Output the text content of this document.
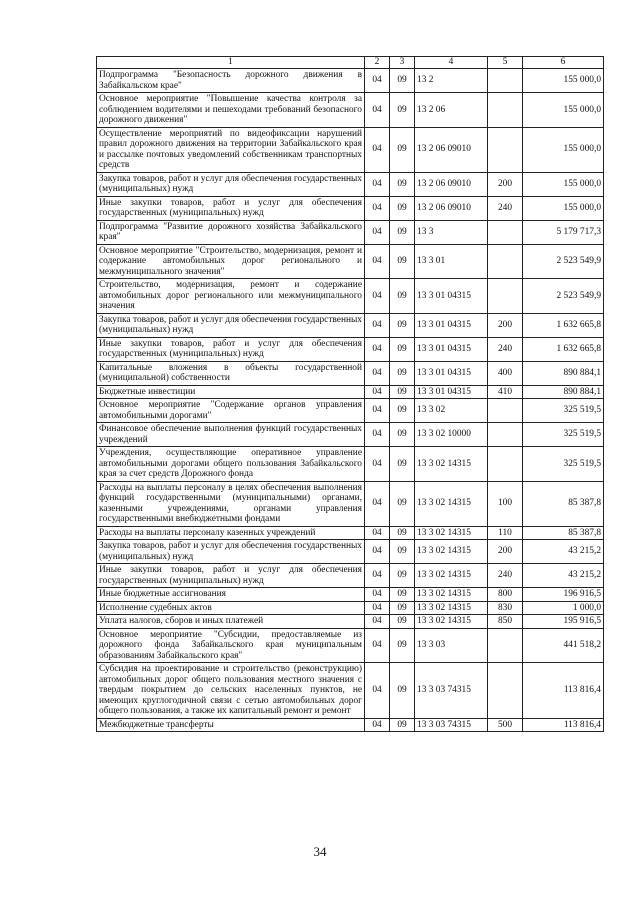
1	2	3	4	5	6
Подпрограмма "Безопасность дорожного движения в Забайкальском крае"	04	09	13 2		155 000,0
Основное мероприятие "Повышение качества контроля за соблюдением водителями и пешеходами требований безопасного дорожного движения"	04	09	13 2 06		155 000,0
Осуществление мероприятий по видеофиксации нарушений правил дорожного движения на территории Забайкальского края и рассылке почтовых уведомлений собственникам транспортных средств	04	09	13 2 06 09010		155 000,0
Закупка товаров, работ и услуг для обеспечения государственных (муниципальных) нужд	04	09	13 2 06 09010	200	155 000,0
Иные закупки товаров, работ и услуг для обеспечения государственных (муниципальных) нужд	04	09	13 2 06 09010	240	155 000,0
Подпрограмма "Развитие дорожного хозяйства Забайкальского края"	04	09	13 3		5 179 717,3
Основное мероприятие "Строительство, модернизация, ремонт и содержание автомобильных дорог регионального и межмуниципального значения"	04	09	13 3 01		2 523 549,9
Строительство, модернизация, ремонт и содержание автомобильных дорог регионального или межмуниципального значения	04	09	13 3 01 04315		2 523 549,9
Закупка товаров, работ и услуг для обеспечения государственных (муниципальных) нужд	04	09	13 3 01 04315	200	1 632 665,8
Иные закупки товаров, работ и услуг для обеспечения государственных (муниципальных) нужд	04	09	13 3 01 04315	240	1 632 665,8
Капитальные вложения в объекты государственной (муниципальной) собственности	04	09	13 3 01 04315	400	890 884,1
Бюджетные инвестиции	04	09	13 3 01 04315	410	890 884,1
Основное мероприятие "Содержание органов управления автомобильными дорогами"	04	09	13 3 02		325 519,5
Финансовое обеспечение выполнения функций государственных учреждений	04	09	13 3 02 10000		325 519,5
Учреждения, осуществляющие оперативное управление автомобильными дорогами общего пользования Забайкальского края за счет средств Дорожного фонда	04	09	13 3 02 14315		325 519,5
Расходы на выплаты персоналу в целях обеспечения выполнения функций государственными (муниципальными) органами, казенными учреждениями, органами управления государственными внебюджетными фондами	04	09	13 3 02 14315	100	85 387,8
Расходы на выплаты персоналу казенных учреждений	04	09	13 3 02 14315	110	85 387,8
Закупка товаров, работ и услуг для обеспечения государственных (муниципальных) нужд	04	09	13 3 02 14315	200	43 215,2
Иные закупки товаров, работ и услуг для обеспечения государственных (муниципальных) нужд	04	09	13 3 02 14315	240	43 215,2
Иные бюджетные ассигнования	04	09	13 3 02 14315	800	196 916,5
Исполнение судебных актов	04	09	13 3 02 14315	830	1 000,0
Уплата налогов, сборов и иных платежей	04	09	13 3 02 14315	850	195 916,5
Основное мероприятие "Субсидии, предоставляемые из дорожного фонда Забайкальского края муниципальным образованиям Забайкальского края"	04	09	13 3 03		441 518,2
Субсидия на проектирование и строительство (реконструкцию) автомобильных дорог общего пользования местного значения с твердым покрытием до сельских населенных пунктов, не имеющих круглогодичной связи с сетью автомобильных дорог общего пользования, а также их капитальный ремонт и ремонт	04	09	13 3 03 74315		113 816,4
Межбюджетные трансферты	04	09	13 3 03 74315	500	113 816,4
34
